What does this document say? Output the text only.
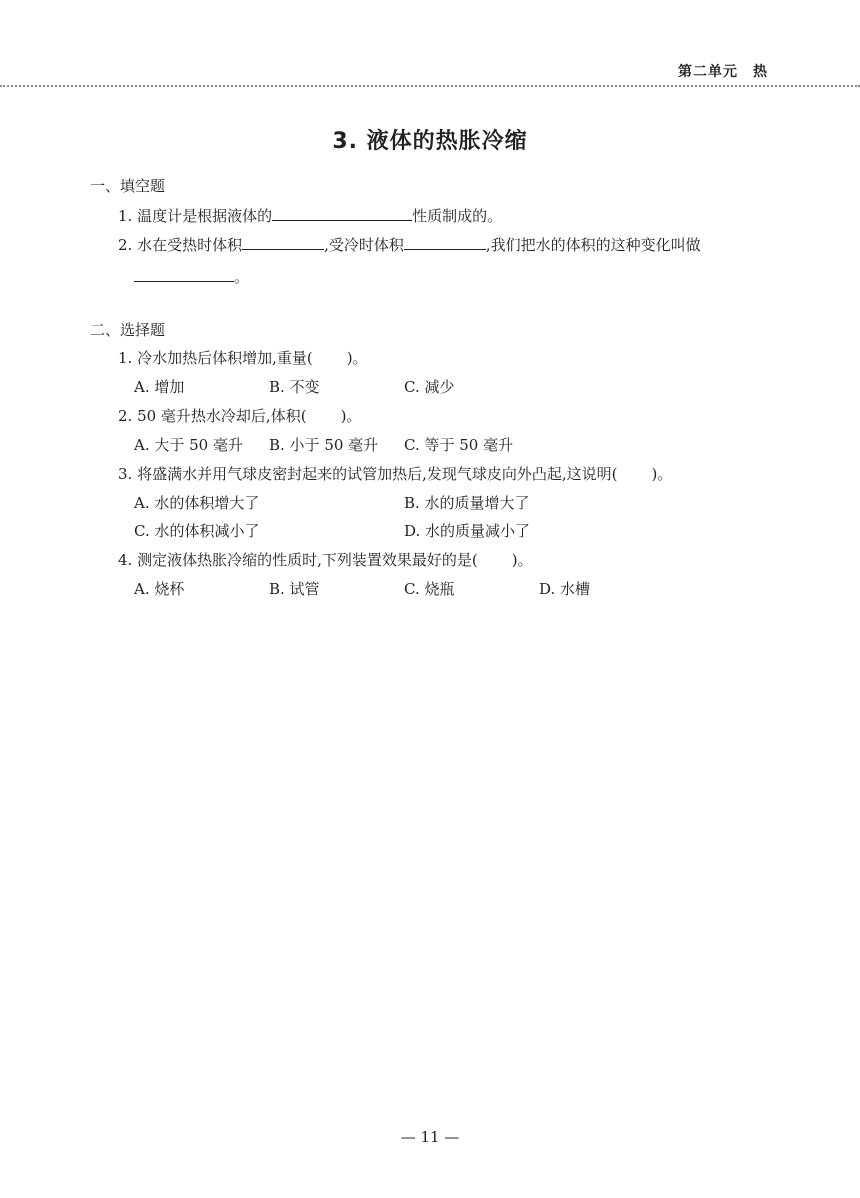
第二单元　热
3. 液体的热胀冷缩
一、填空题
1. 温度计是根据液体的	性质制成的。
2. 水在受热时体积	,受冷时体积	,我们把水的体积的这种变化叫做
。
二、选择题
1. 冷水加热后体积增加,重量( )。
A. 增加	B. 不变	C. 减少
2. 50 毫升热水冷却后,体积( )。
A. 大于 50 毫升 B. 小于 50 毫升 C. 等于 50 毫升
3. 将盛满水并用气球皮密封起来的试管加热后,发现气球皮向外凸起,这说明( )。
A. 水的体积增大了	B. 水的质量增大了
C. 水的体积减小了	D. 水的质量减小了
4. 测定液体热胀冷缩的性质时,下列装置效果最好的是( )。
A. 烧杯	B. 试管	C. 烧瓶	D. 水槽
— 11 —
